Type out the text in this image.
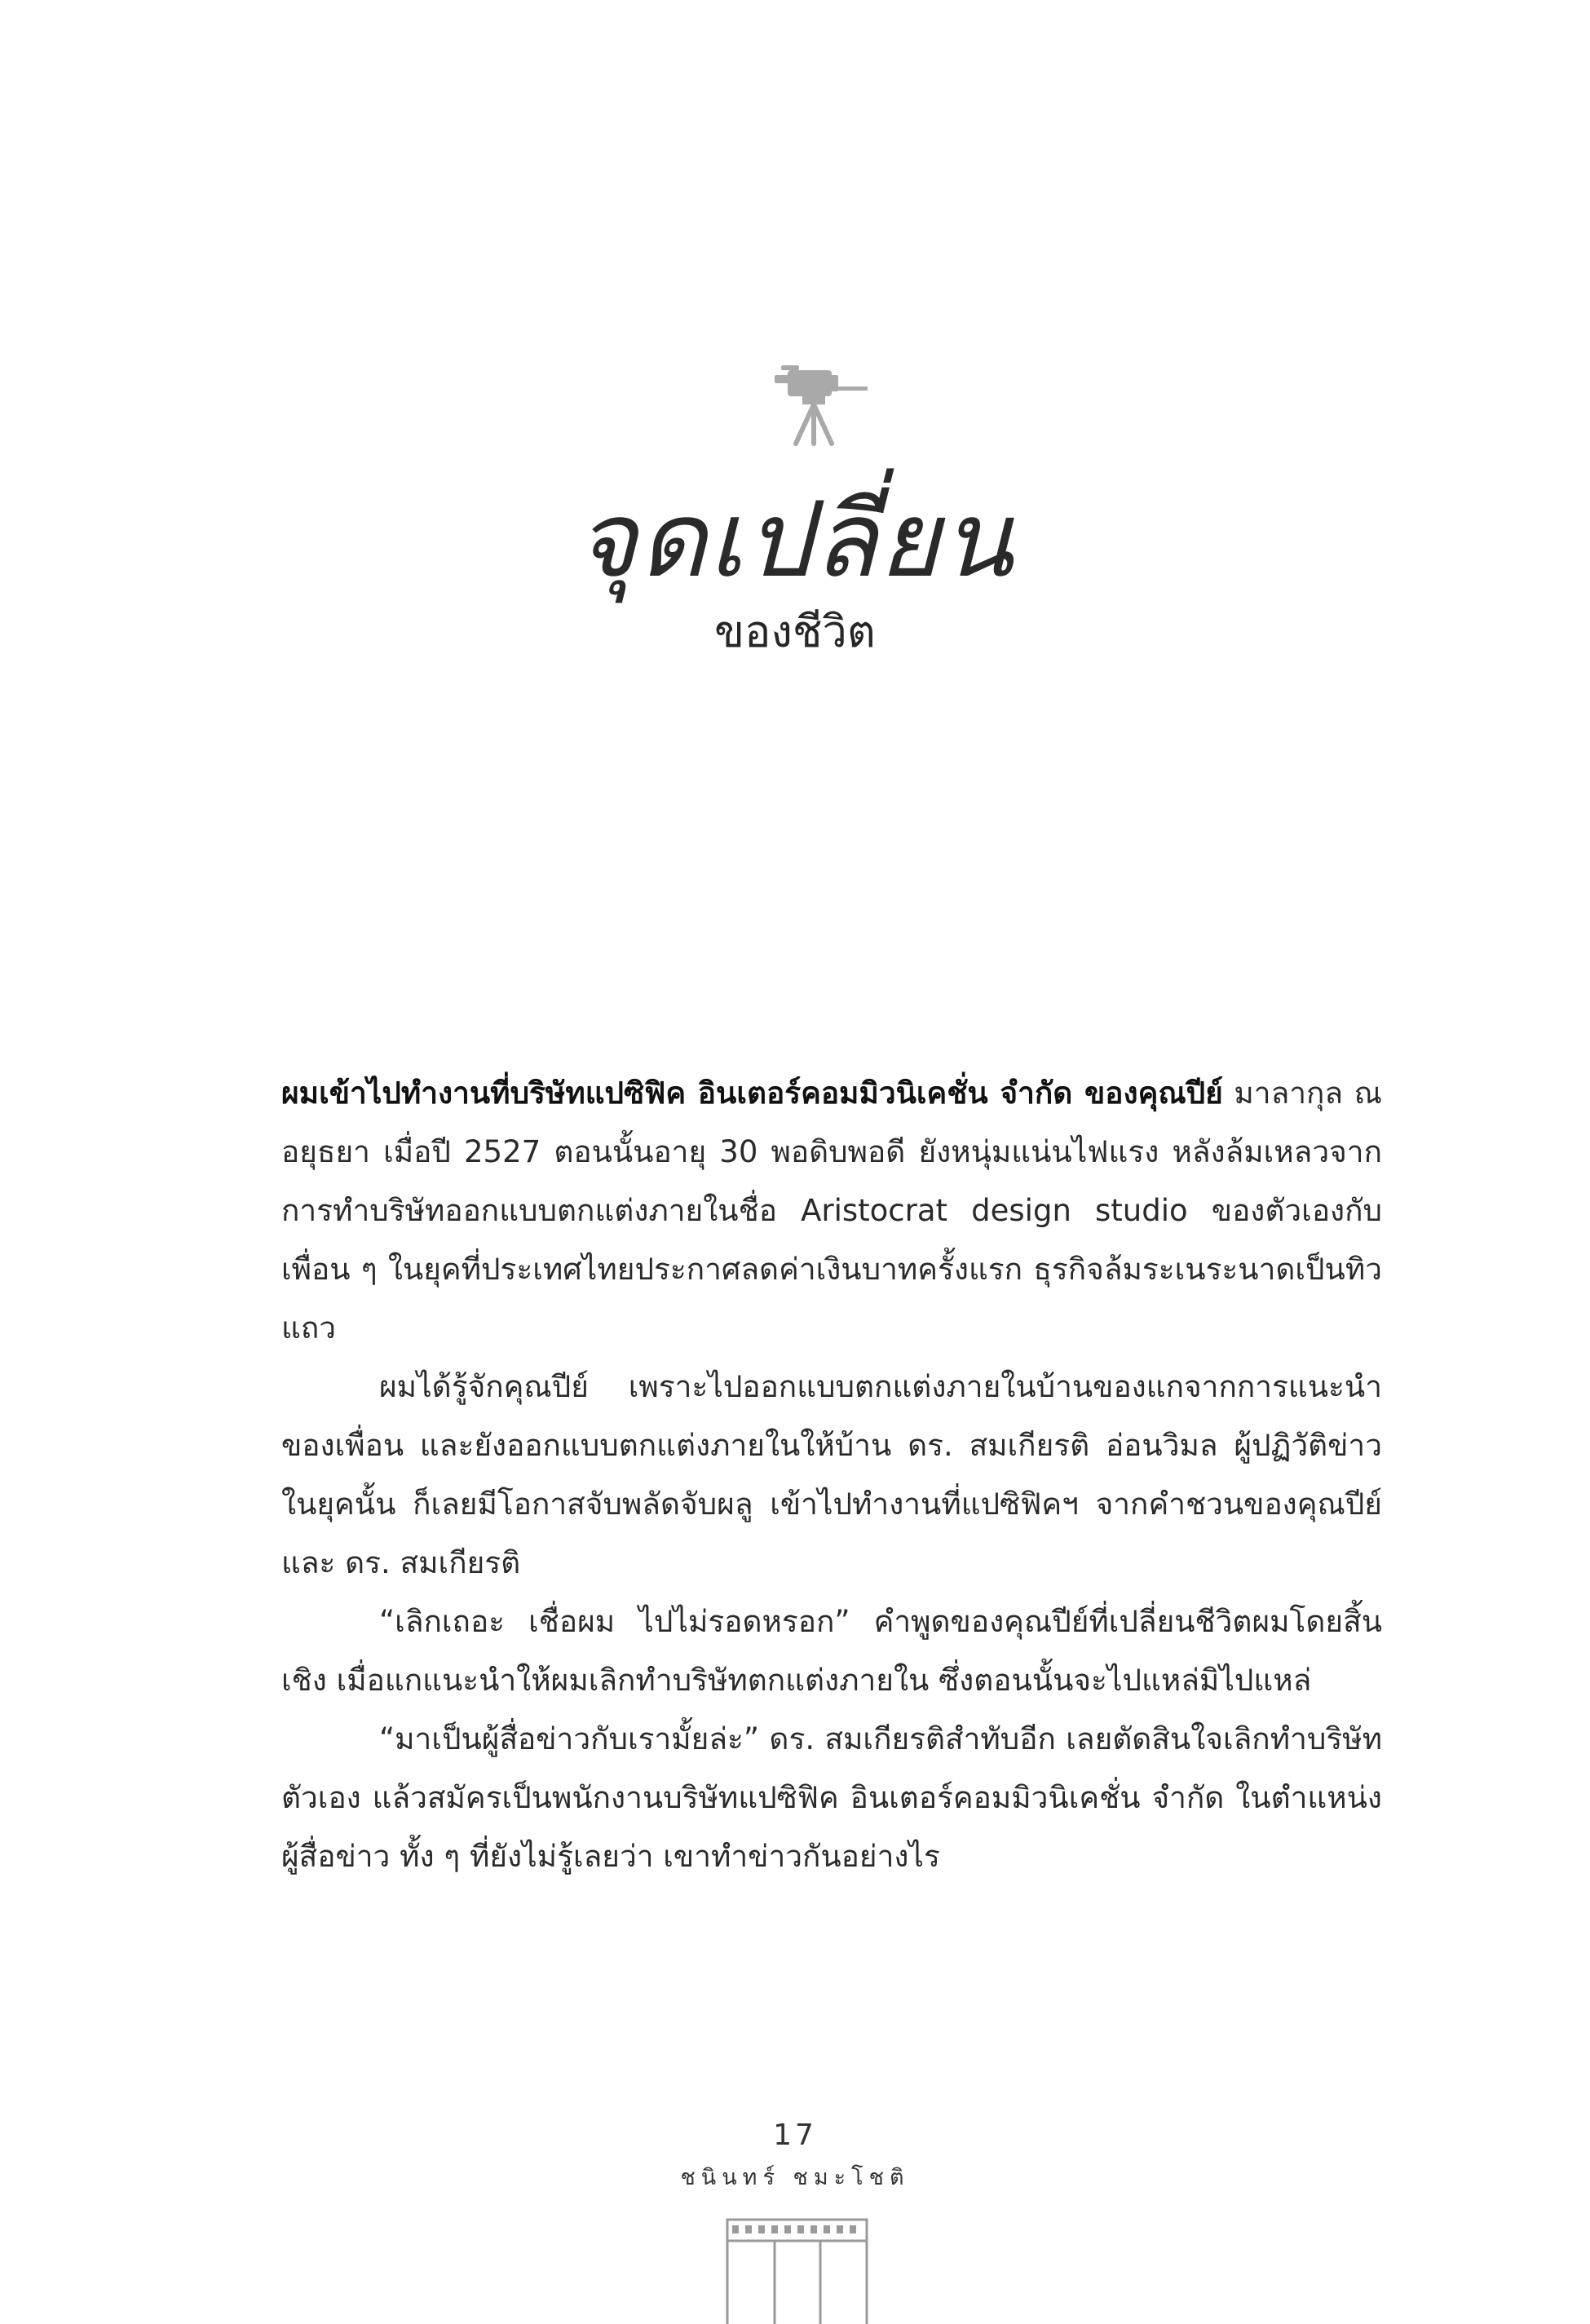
จุดเปลี่ยน
ของชีวิต

ผมเข้าไปทำงานที่บริษัทแปซิฟิค อินเตอร์คอมมิวนิเคชั่น จำกัด ของคุณปีย์ มาลากุล ณ อยุธยา เมื่อปี 2527 ตอนนั้นอายุ 30 พอดิบพอดี ยังหนุ่มแน่นไฟแรง หลังล้มเหลวจากการทำบริษัทออกแบบตกแต่งภายในชื่อ Aristocrat design studio ของตัวเองกับเพื่อน ๆ ในยุคที่ประเทศไทยประกาศลดค่าเงินบาทครั้งแรก ธุรกิจล้มระเนระนาดเป็นทิวแถว

ผมได้รู้จักคุณปีย์ เพราะไปออกแบบตกแต่งภายในบ้านของแกจากการแนะนำของเพื่อน และยังออกแบบตกแต่งภายในให้บ้าน ดร. สมเกียรติ อ่อนวิมล ผู้ปฏิวัติข่าวในยุคนั้น ก็เลยมีโอกาสจับพลัดจับผลู เข้าไปทำงานที่แปซิฟิคฯ จากคำชวนของคุณปีย์ และ ดร. สมเกียรติ

“เลิกเถอะ เชื่อผม ไปไม่รอดหรอก” คำพูดของคุณปีย์ที่เปลี่ยนชีวิตผมโดยสิ้นเชิง เมื่อแกแนะนำให้ผมเลิกทำบริษัทตกแต่งภายใน ซึ่งตอนนั้นจะไปแหล่มิไปแหล่

“มาเป็นผู้สื่อข่าวกับเรามั้ยล่ะ” ดร. สมเกียรติสำทับอีก เลยตัดสินใจเลิกทำบริษัทตัวเอง แล้วสมัครเป็นพนักงานบริษัทแปซิฟิค อินเตอร์คอมมิวนิเคชั่น จำกัด ในตำแหน่งผู้สื่อข่าว ทั้ง ๆ ที่ยังไม่รู้เลยว่า เขาทำข่าวกันอย่างไร

17
ชนินทร์ ชมะโชติ
